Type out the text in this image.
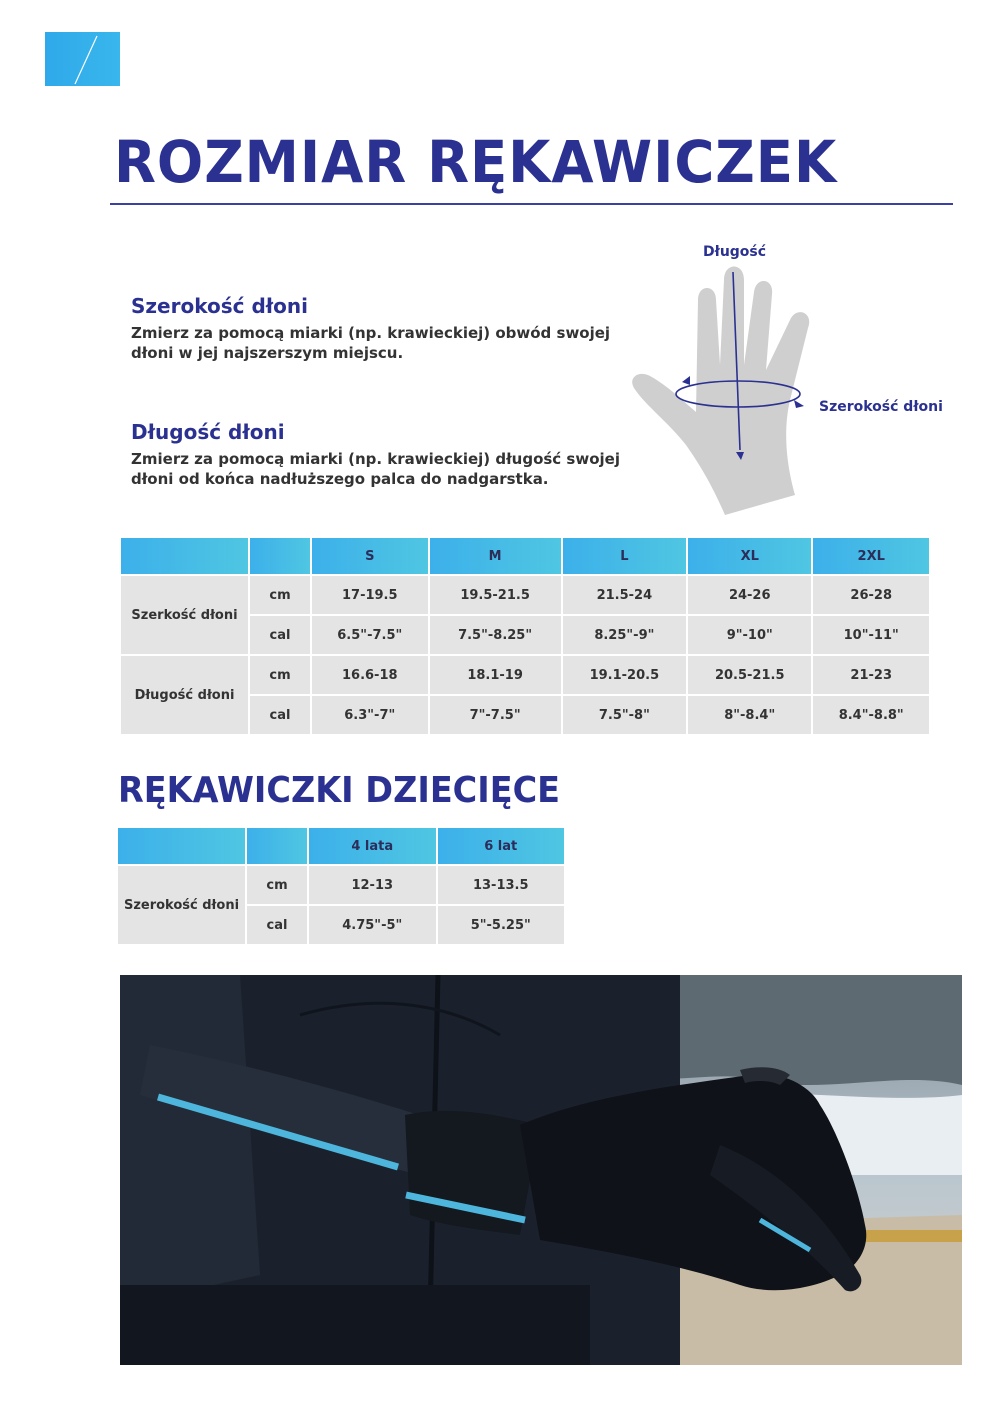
21
ROZMIAR RĘKAWICZEK
Szerokość dłoni

Zmierz za pomocą miarki (np. krawieckiej) obwód swojej dłoni w jej najszerszym miejscu.

Długość dłoni

Zmierz za pomocą miarki (np. krawieckiej) długość swojej dłoni od końca nadłuższego palca do nadgarstka.

Długość
Szerokość dłoni
		S	M	L	XL	2XL
Szerkość dłoni	cm	17-19.5	19.5-21.5	21.5-24	24-26	26-28
	cal	6.5"-7.5"	7.5"-8.25"	8.25"-9"	9"-10"	10"-11"
Długość dłoni	cm	16.6-18	18.1-19	19.1-20.5	20.5-21.5	21-23
	cal	6.3"-7"	7"-7.5"	7.5"-8"	8"-8.4"	8.4"-8.8"
RĘKAWICZKI DZIECIĘCE
		4 lata	6 lat
Szerokość dłoni	cm	12-13	13-13.5
	cal	4.75"-5"	5"-5.25"
